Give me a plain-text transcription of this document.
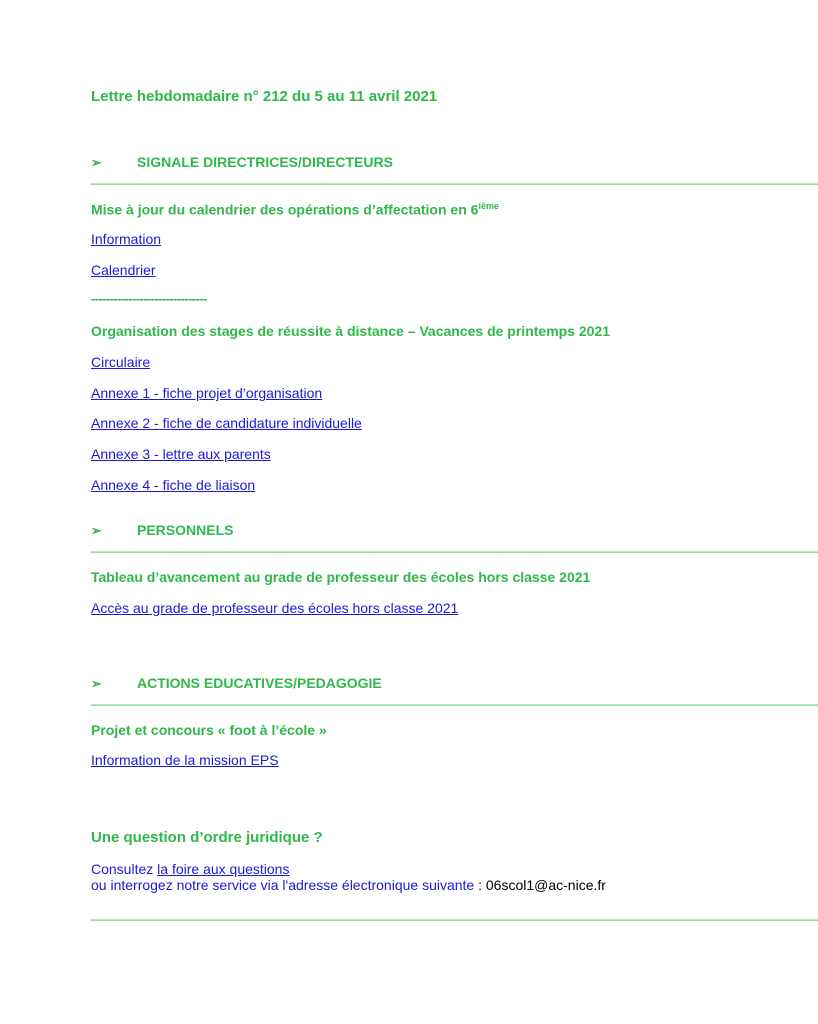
Lettre hebdomadaire n° 212 du 5 au 11 avril 2021
➢	SIGNALE DIRECTRICES/DIRECTEURS
____________________________________________________________________________________________________________
Mise à jour du calendrier des opérations d’affectation en 6ième
Information
Calendrier
-------------------------------
Organisation des stages de réussite à distance – Vacances de printemps 2021
Circulaire
Annexe 1 - fiche projet d’organisation
Annexe 2 - fiche de candidature individuelle
Annexe 3 - lettre aux parents
Annexe 4 - fiche de liaison
➢	PERSONNELS
____________________________________________________________________________________________________________
Tableau d’avancement au grade de professeur des écoles hors classe 2021
Accès au grade de professeur des écoles hors classe 2021
➢	ACTIONS EDUCATIVES/PEDAGOGIE
____________________________________________________________________________________________________________
Projet et concours « foot à l’école »
Information de la mission EPS
Une question d’ordre juridique ?
Consultez la foire aux questions
ou interrogez notre service via l'adresse électronique suivante : 06scol1@ac-nice.fr
____________________________________________________________________________________________________________
